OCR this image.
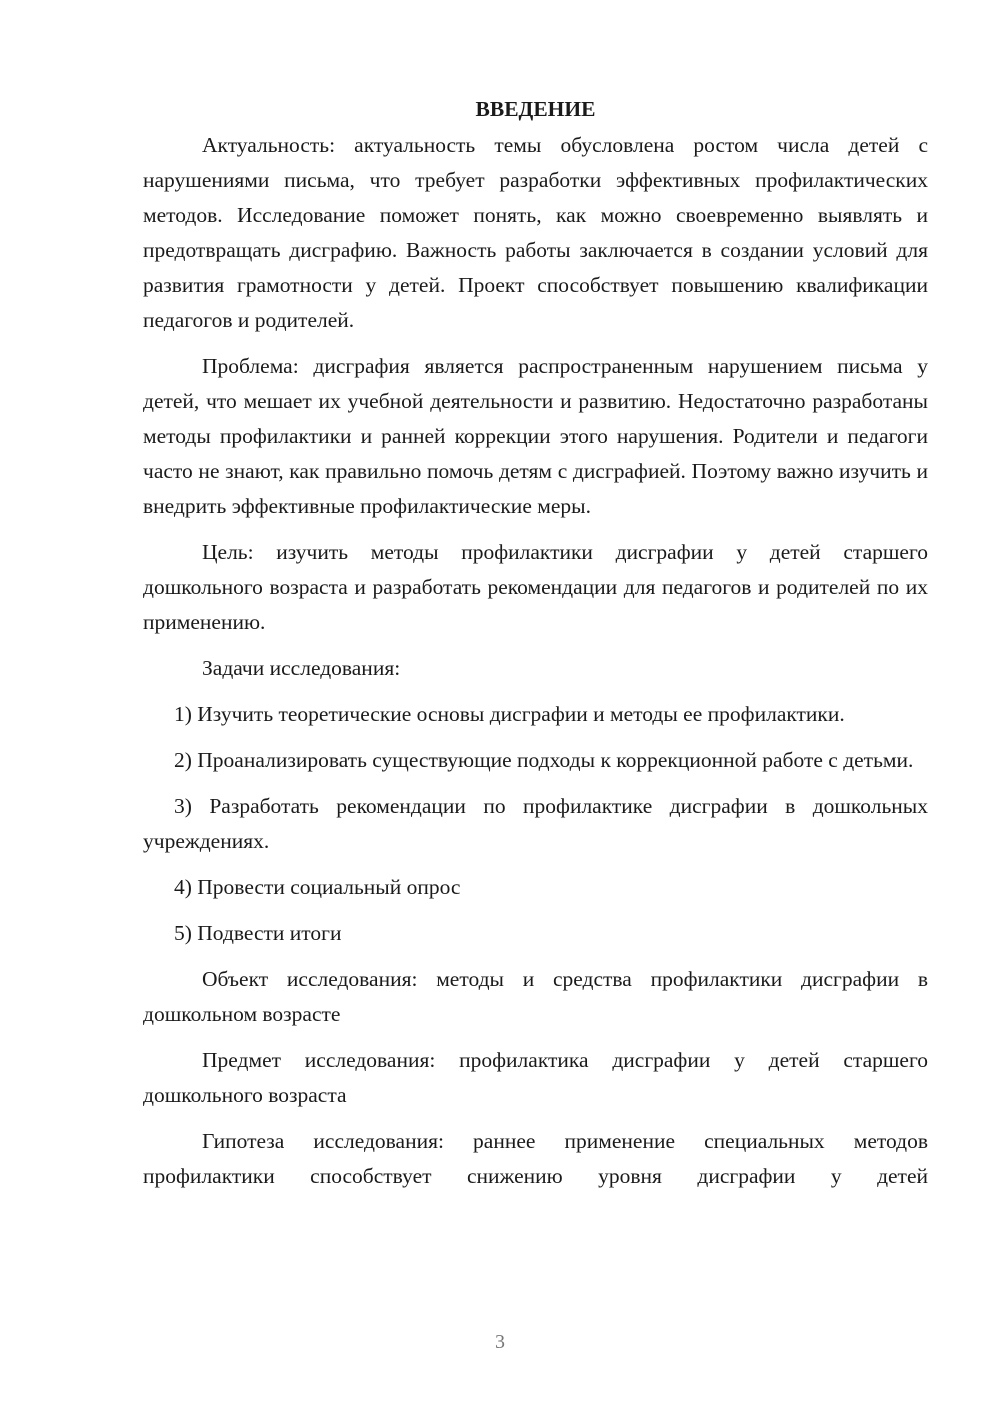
ВВЕДЕНИЕ
Актуальность: актуальность темы обусловлена ростом числа детей с нарушениями письма, что требует разработки эффективных профилактических методов. Исследование поможет понять, как можно своевременно выявлять и предотвращать дисграфию. Важность работы заключается в создании условий для развития грамотности у детей. Проект способствует повышению квалификации педагогов и родителей.
Проблема: дисграфия является распространенным нарушением письма у детей, что мешает их учебной деятельности и развитию. Недостаточно разработаны методы профилактики и ранней коррекции этого нарушения. Родители и педагоги часто не знают, как правильно помочь детям с дисграфией. Поэтому важно изучить и внедрить эффективные профилактические меры.
Цель: изучить методы профилактики дисграфии у детей старшего дошкольного возраста и разработать рекомендации для педагогов и родителей по их применению.
Задачи исследования:
1) Изучить теоретические основы дисграфии и методы ее профилактики.
2) Проанализировать существующие подходы к коррекционной работе с детьми.
3) Разработать рекомендации по профилактике дисграфии в дошкольных учреждениях.
4) Провести социальный опрос
5) Подвести итоги
Объект исследования: методы и средства профилактики дисграфии в дошкольном возрасте
Предмет исследования: профилактика дисграфии у детей старшего дошкольного возраста
Гипотеза исследования: раннее применение специальных методов профилактики способствует снижению уровня дисграфии у детей
3
